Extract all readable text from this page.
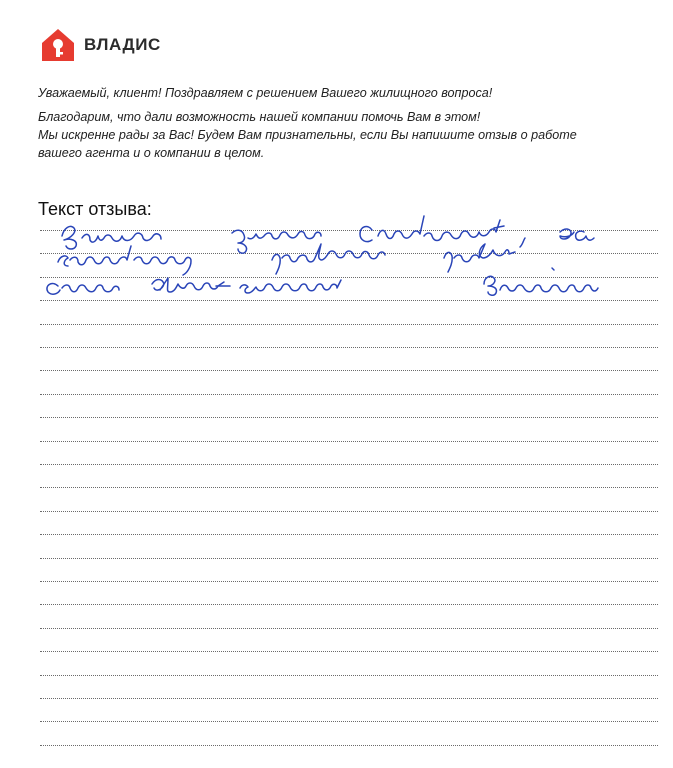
ВЛАДИС

Уважаемый, клиент! Поздравляем с решением Вашего жилищного вопроса!

Благодарим, что дали возможность нашей компании помочь Вам в этом!

Мы искренне рады за Вас! Будем Вам признательны, если Вы напишите отзыв о работе

вашего агента и о компании в целом.

Текст отзыва:
